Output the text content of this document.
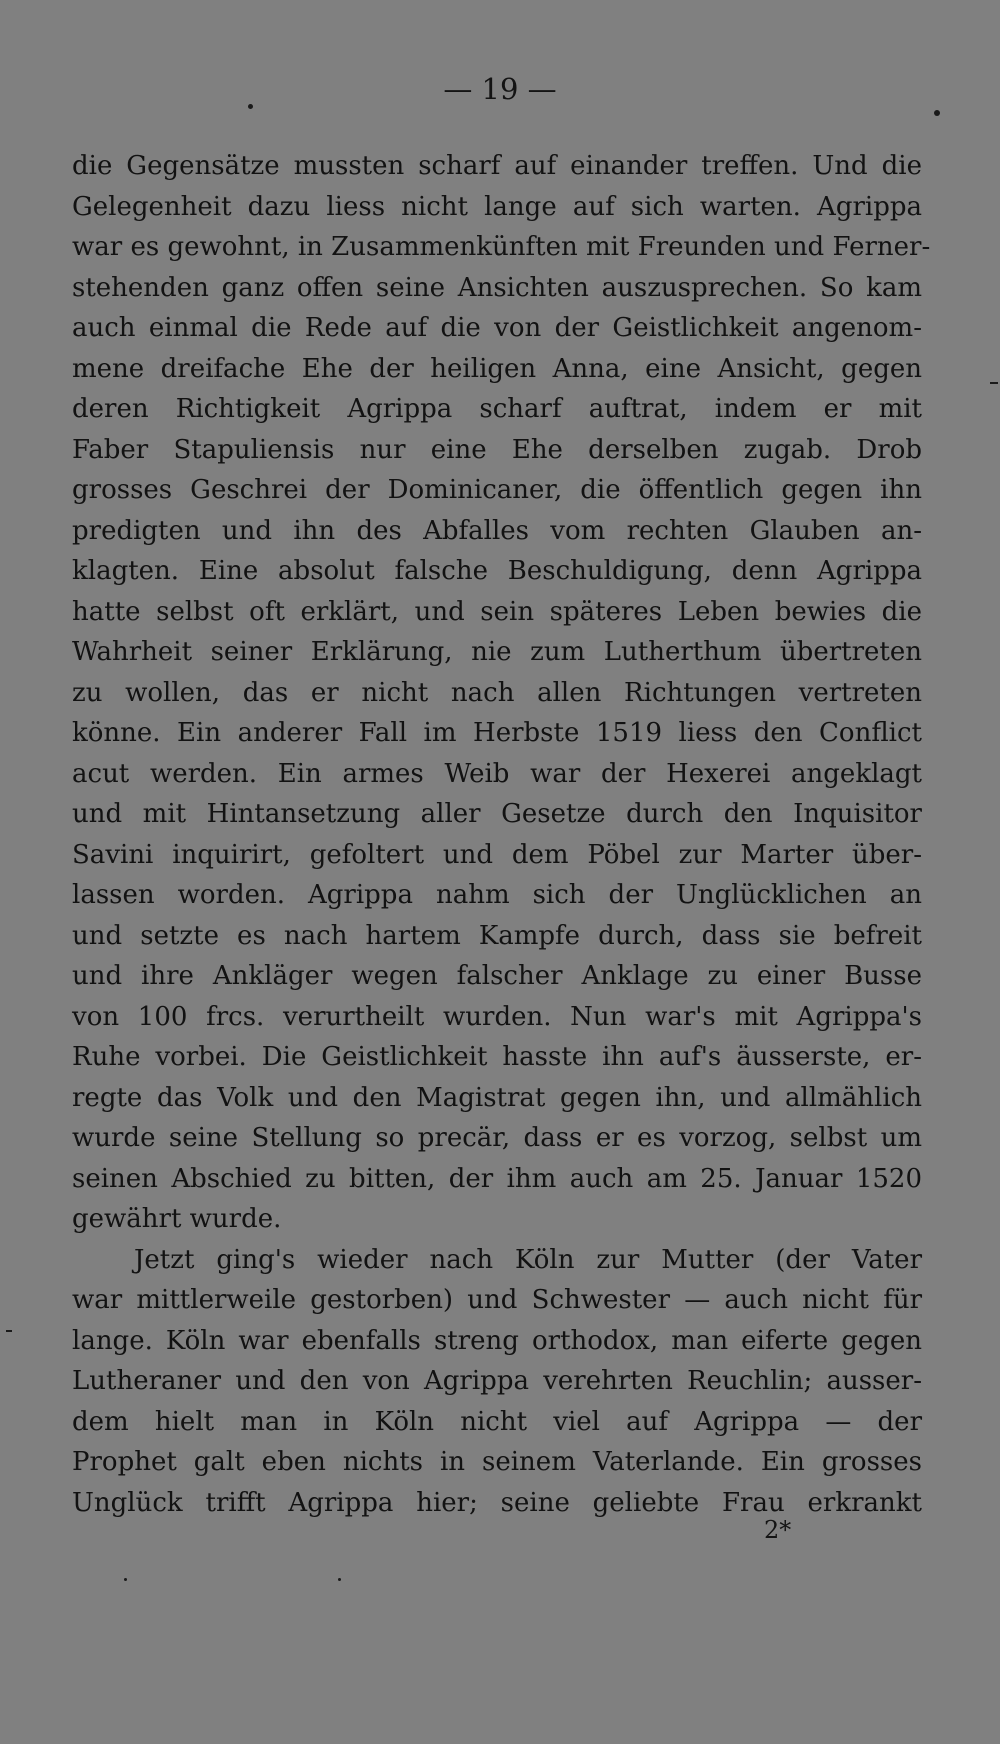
— 19 —
die Gegensätze mussten scharf auf einander treffen. Und die
Gelegenheit dazu liess nicht lange auf sich warten. Agrippa
war es gewohnt, in Zusammenkünften mit Freunden und Ferner-
stehenden ganz offen seine Ansichten auszusprechen. So kam
auch einmal die Rede auf die von der Geistlichkeit angenom-
mene dreifache Ehe der heiligen Anna, eine Ansicht, gegen
deren Richtigkeit Agrippa scharf auftrat, indem er mit
Faber Stapuliensis nur eine Ehe derselben zugab. Drob
grosses Geschrei der Dominicaner, die öffentlich gegen ihn
predigten und ihn des Abfalles vom rechten Glauben an-
klagten. Eine absolut falsche Beschuldigung, denn Agrippa
hatte selbst oft erklärt, und sein späteres Leben bewies die
Wahrheit seiner Erklärung, nie zum Lutherthum übertreten
zu wollen, das er nicht nach allen Richtungen vertreten
könne. Ein anderer Fall im Herbste 1519 liess den Conflict
acut werden. Ein armes Weib war der Hexerei angeklagt
und mit Hintansetzung aller Gesetze durch den Inquisitor
Savini inquirirt, gefoltert und dem Pöbel zur Marter über-
lassen worden. Agrippa nahm sich der Unglücklichen an
und setzte es nach hartem Kampfe durch, dass sie befreit
und ihre Ankläger wegen falscher Anklage zu einer Busse
von 100 frcs. verurtheilt wurden. Nun war's mit Agrippa's
Ruhe vorbei. Die Geistlichkeit hasste ihn auf's äusserste, er-
regte das Volk und den Magistrat gegen ihn, und allmählich
wurde seine Stellung so precär, dass er es vorzog, selbst um
seinen Abschied zu bitten, der ihm auch am 25. Januar 1520
gewährt wurde.
Jetzt ging's wieder nach Köln zur Mutter (der Vater
war mittlerweile gestorben) und Schwester — auch nicht für
lange. Köln war ebenfalls streng orthodox, man eiferte gegen
Lutheraner und den von Agrippa verehrten Reuchlin; ausser-
dem hielt man in Köln nicht viel auf Agrippa — der
Prophet galt eben nichts in seinem Vaterlande. Ein grosses
Unglück trifft Agrippa hier; seine geliebte Frau erkrankt
2*
